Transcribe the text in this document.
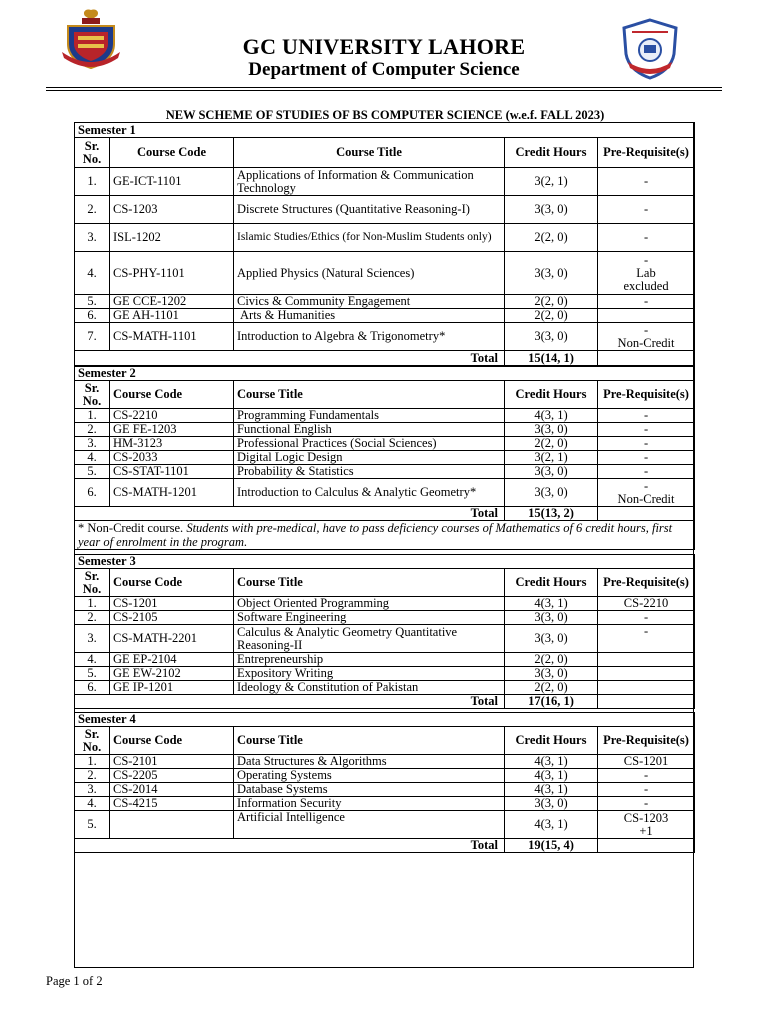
GC UNIVERSITY LAHORE
Department of Computer Science
NEW SCHEME OF STUDIES OF BS COMPUTER SCIENCE (w.e.f. FALL 2023)
Semester 1				
Sr. No.	Course Code	Course Title	Credit Hours	Pre-Requisite(s)
1.	GE-ICT-1101	Applications of Information & Communication Technology	3(2, 1)	-
2.	CS-1203	Discrete Structures (Quantitative Reasoning-I)	3(3, 0)	-
3.	ISL-1202	Islamic Studies/Ethics (for Non-Muslim Students only)	2(2, 0)	-
4.	CS-PHY-1101	Applied Physics (Natural Sciences)	3(3, 0)	-
Lab
excluded

5.	GE CCE-1202	Civics & Community Engagement	2(2, 0)	-
6.	GE AH-1101	Arts & Humanities	2(2, 0)	
7.	CS-MATH-1101	Introduction to Algebra & Trigonometry*	3(3, 0)	-
Non-Credit

Total			15(14, 1)	
Semester 2				
Sr. No.	Course Code	Course Title	Credit Hours	Pre-Requisite(s)
1.	CS-2210	Programming Fundamentals	4(3, 1)	-
2.	GE FE-1203	Functional English	3(3, 0)	-
3.	HM-3123	Professional Practices (Social Sciences)	2(2, 0)	-
4.	CS-2033	Digital Logic Design	3(2, 1)	-
5.	CS-STAT-1101	Probability & Statistics	3(3, 0)	-
6.	CS-MATH-1201	Introduction to Calculus & Analytic Geometry*	3(3, 0)	-
Non-Credit

Total			15(13, 2)	
* Non-Credit course. Students with pre-medical, have to pass deficiency courses of Mathematics of 6 credit hours, first year of enrolment in the program.				
Semester 3				
Sr. No.	Course Code	Course Title	Credit Hours	Pre-Requisite(s)
1.	CS-1201	Object Oriented Programming	4(3, 1)	CS-2210
2.	CS-2105	Software Engineering	3(3, 0)	-
3.	CS-MATH-2201	Calculus & Analytic Geometry Quantitative Reasoning-II	3(3, 0)	-
4.	GE EP-2104	Entrepreneurship	2(2, 0)	
5.	GE EW-2102	Expository Writing	3(3, 0)	
6.	GE IP-1201	Ideology & Constitution of Pakistan	2(2, 0)	
Total			17(16, 1)	
Semester 4				
Sr. No.	Course Code	Course Title	Credit Hours	Pre-Requisite(s)
1.	CS-2101	Data Structures & Algorithms	4(3, 1)	CS-1201
2.	CS-2205	Operating Systems	4(3, 1)	-
3.	CS-2014	Database Systems	4(3, 1)	-
4.	CS-4215	Information Security	3(3, 0)	-
5.		Artificial Intelligence	4(3, 1)	CS-1203
+1

Total			19(15, 4)	
Page 1 of 2
